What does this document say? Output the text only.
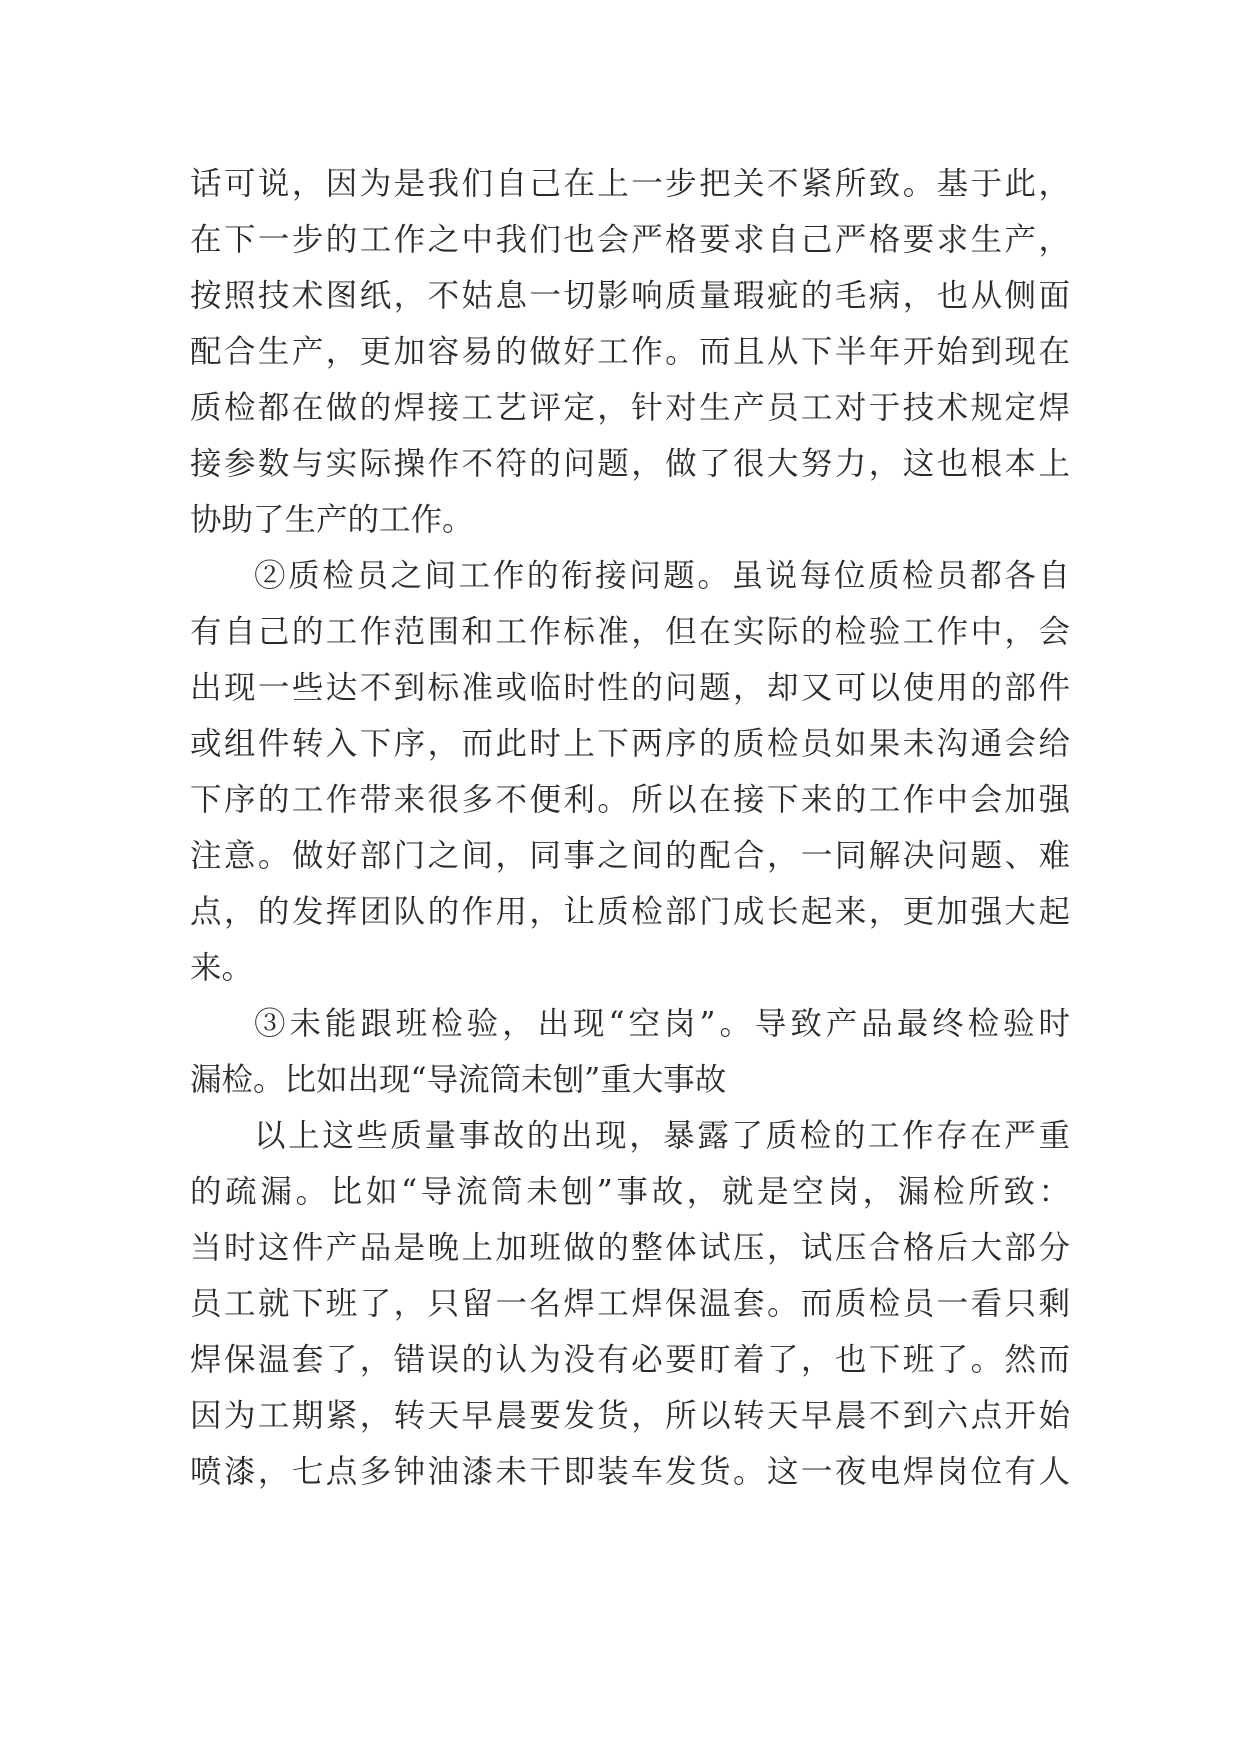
话可说，因为是我们自己在上一步把关不紧所致。基于此，
在下一步的工作之中我们也会严格要求自己严格要求生产，
按照技术图纸，不姑息一切影响质量瑕疵的毛病，也从侧面
配合生产，更加容易的做好工作。而且从下半年开始到现在
质检都在做的焊接工艺评定，针对生产员工对于技术规定焊
接参数与实际操作不符的问题，做了很大努力，这也根本上
协助了生产的工作。
②质检员之间工作的衔接问题。虽说每位质检员都各自
有自己的工作范围和工作标准，但在实际的检验工作中，会
出现一些达不到标准或临时性的问题，却又可以使用的部件
或组件转入下序，而此时上下两序的质检员如果未沟通会给
下序的工作带来很多不便利。所以在接下来的工作中会加强
注意。做好部门之间，同事之间的配合，一同解决问题、难
点，的发挥团队的作用，让质检部门成长起来，更加强大起
来。
③未能跟班检验，出现“空岗”。导致产品最终检验时
漏检。比如出现“导流筒未刨”重大事故
以上这些质量事故的出现，暴露了质检的工作存在严重
的疏漏。比如“导流筒未刨”事故，就是空岗，漏检所致：
当时这件产品是晚上加班做的整体试压，试压合格后大部分
员工就下班了，只留一名焊工焊保温套。而质检员一看只剩
焊保温套了，错误的认为没有必要盯着了，也下班了。然而
因为工期紧，转天早晨要发货，所以转天早晨不到六点开始
喷漆，七点多钟油漆未干即装车发货。这一夜电焊岗位有人
